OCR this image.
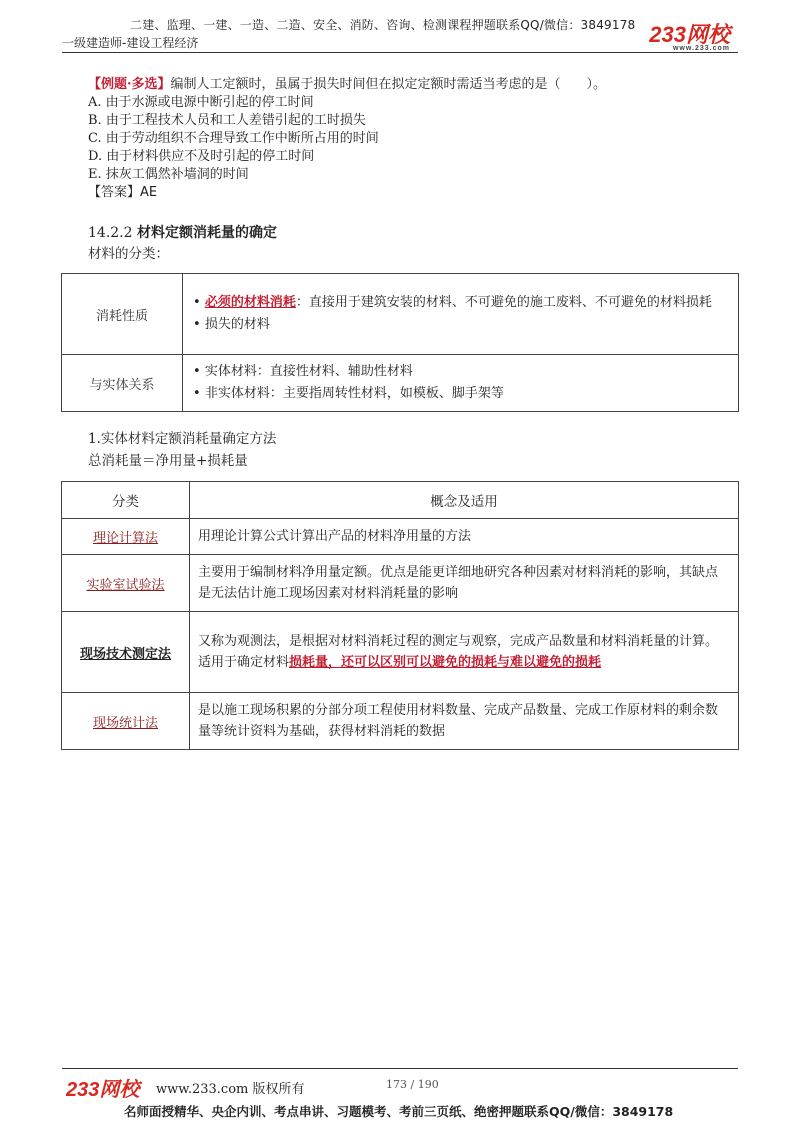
二建、监理、一建、一造、二造、安全、消防、咨询、检测课程押题联系QQ/微信：3849178
一级建造师-建设工程经济	233网校
www.233.com
【例题·多选】编制人工定额时，虽属于损失时间但在拟定定额时需适当考虑的是（　　）。
A. 由于水源或电源中断引起的停工时间
B. 由于工程技术人员和工人差错引起的工时损失
C. 由于劳动组织不合理导致工作中断所占用的时间
D. 由于材料供应不及时引起的停工时间
E. 抹灰工偶然补墙洞的时间
【答案】AE
14.2.2 材料定额消耗量的确定
材料的分类：
消耗性质	• 必须的材料消耗：直接用于建筑安装的材料、不可避免的施工废料、不可避免的材料损耗
• 损失的材料

与实体关系	• 实体材料：直接性材料、辅助性材料
• 非实体材料：主要指周转性材料，如模板、脚手架等
1.实体材料定额消耗量确定方法
总消耗量＝净用量+损耗量
分类	概念及适用
理论计算法	用理论计算公式计算出产品的材料净用量的方法
实验室试验法	主要用于编制材料净用量定额。优点是能更详细地研究各种因素对材料消耗的影响，其缺点是无法估计施工现场因素对材料消耗量的影响
现场技术测定法	又称为观测法，是根据对材料消耗过程的测定与观察，完成产品数量和材料消耗量的计算。
适用于确定材料损耗量，还可以区别可以避免的损耗与难以避免的损耗

现场统计法	是以施工现场积累的分部分项工程使用材料数量、完成产品数量、完成工作原材料的剩余数量等统计资料为基础，获得材料消耗的数据
233网校 www.233.com 版权所有	173 / 190
名师面授精华、央企内训、考点串讲、习题模考、考前三页纸、绝密押题联系QQ/微信：3849178
